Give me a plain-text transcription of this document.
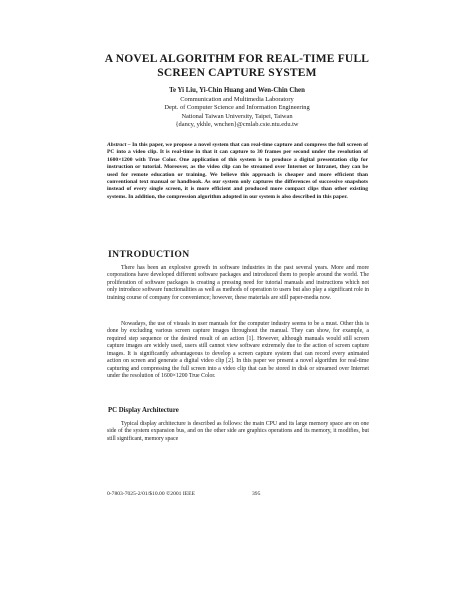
A NOVEL ALGORITHM FOR REAL-TIME FULL
SCREEN CAPTURE SYSTEM
Te Yi Liu, Yi-Chin Huang and Wen-Chin Chen
Communication and Multimedia Laboratory
Dept. of Computer Science and Information Engineering
National Taiwan University, Taipei, Taiwan
{dancy, ykhle, wnchen}@cmlab.csie.ntu.edu.tw
Abstract – In this paper, we propose a novel system that can real-time capture and compress the full screen of PC into a video clip. It is real-time in that it can capture to 30 frames per second under the resolution of 1600×1200 with True Color. One application of this system is to produce a digital presentation clip for instruction or tutorial. Moreover, as the video clip can be streamed over Internet or Intranet, they can be used for remote education or training. We believe this approach is cheaper and more efficient than conventional text manual or handbook. As our system only captures the differences of successive snapshots instead of every single screen, it is more efficient and produced more compact clips than other existing systems. In addition, the compression algorithm adopted in our system is also described in this paper.
INTRODUCTION
There has been an explosive growth in software industries in the past several years. More and more corporations have developed different software packages and introduced them to people around the world. The proliferation of software packages is creating a pressing need for tutorial manuals and instructions which not only introduce software functionalities as well as methods of operation to users but also play a significant role in training course of company for convenience; however, these materials are still paper-media now.
Nowadays, the use of visuals in user manuals for the computer industry seems to be a must. Other this is done by excluding various screen capture images throughout the manual. They can show, for example, a required step sequence or the desired result of an action [1]. However, although manuals would still screen capture images are widely used, users still cannot view software extremely due to the action of screen capture images. It is significantly advantageous to develop a screen capture system that can record every animated action on screen and generate a digital video clip [2]. In this paper we present a novel algorithm for real-time capturing and compressing the full screen into a video clip that can be stored in disk or streamed over Internet under the resolution of 1600×1200 True Color.
PC Display Architecture
Typical display architecture is described as follows: the main CPU and its large memory space are on one side of the system expansion bus, and on the other side are graphics operations and its memory, it modifies, but still significant, memory space
0-7803-7025-2/01/$10.00 ©2001 IEEE	395
